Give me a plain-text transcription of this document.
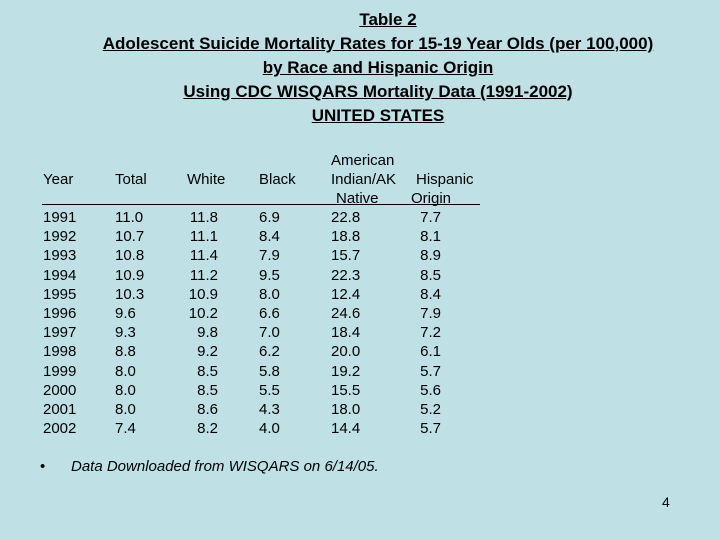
Table 2
Adolescent Suicide Mortality Rates for 15-19 Year Olds (per 100,000)
by Race and Hispanic Origin
Using CDC WISQARS Mortality Data (1991-2002)
UNITED STATES
Year	Total	White Black
American
Indian/AK
Native
Hispanic
Origin
1991
1992
1993
1994
1995
1996
1997
1998
1999
2000
2001
2002
11.0
10.7
10.8
10.9
10.3
9.6
9.3
8.8
8.0
8.0
8.0
7.4
11.8
11.1
11.4
11.2
10.9
10.2
9.8
9.2
8.5
8.5
8.6
8.2
6.9
8.4
7.9
9.5
8.0
6.6
7.0
6.2
5.8
5.5
4.3
4.0
22.8
18.8
15.7
22.3
12.4
24.6
18.4
20.0
19.2
15.5
18.0
14.4
7.7
8.1
8.9
8.5
8.4
7.9
7.2
6.1
5.7
5.6
5.2
5.7
• Data Downloaded from WISQARS on 6/14/05.
4
